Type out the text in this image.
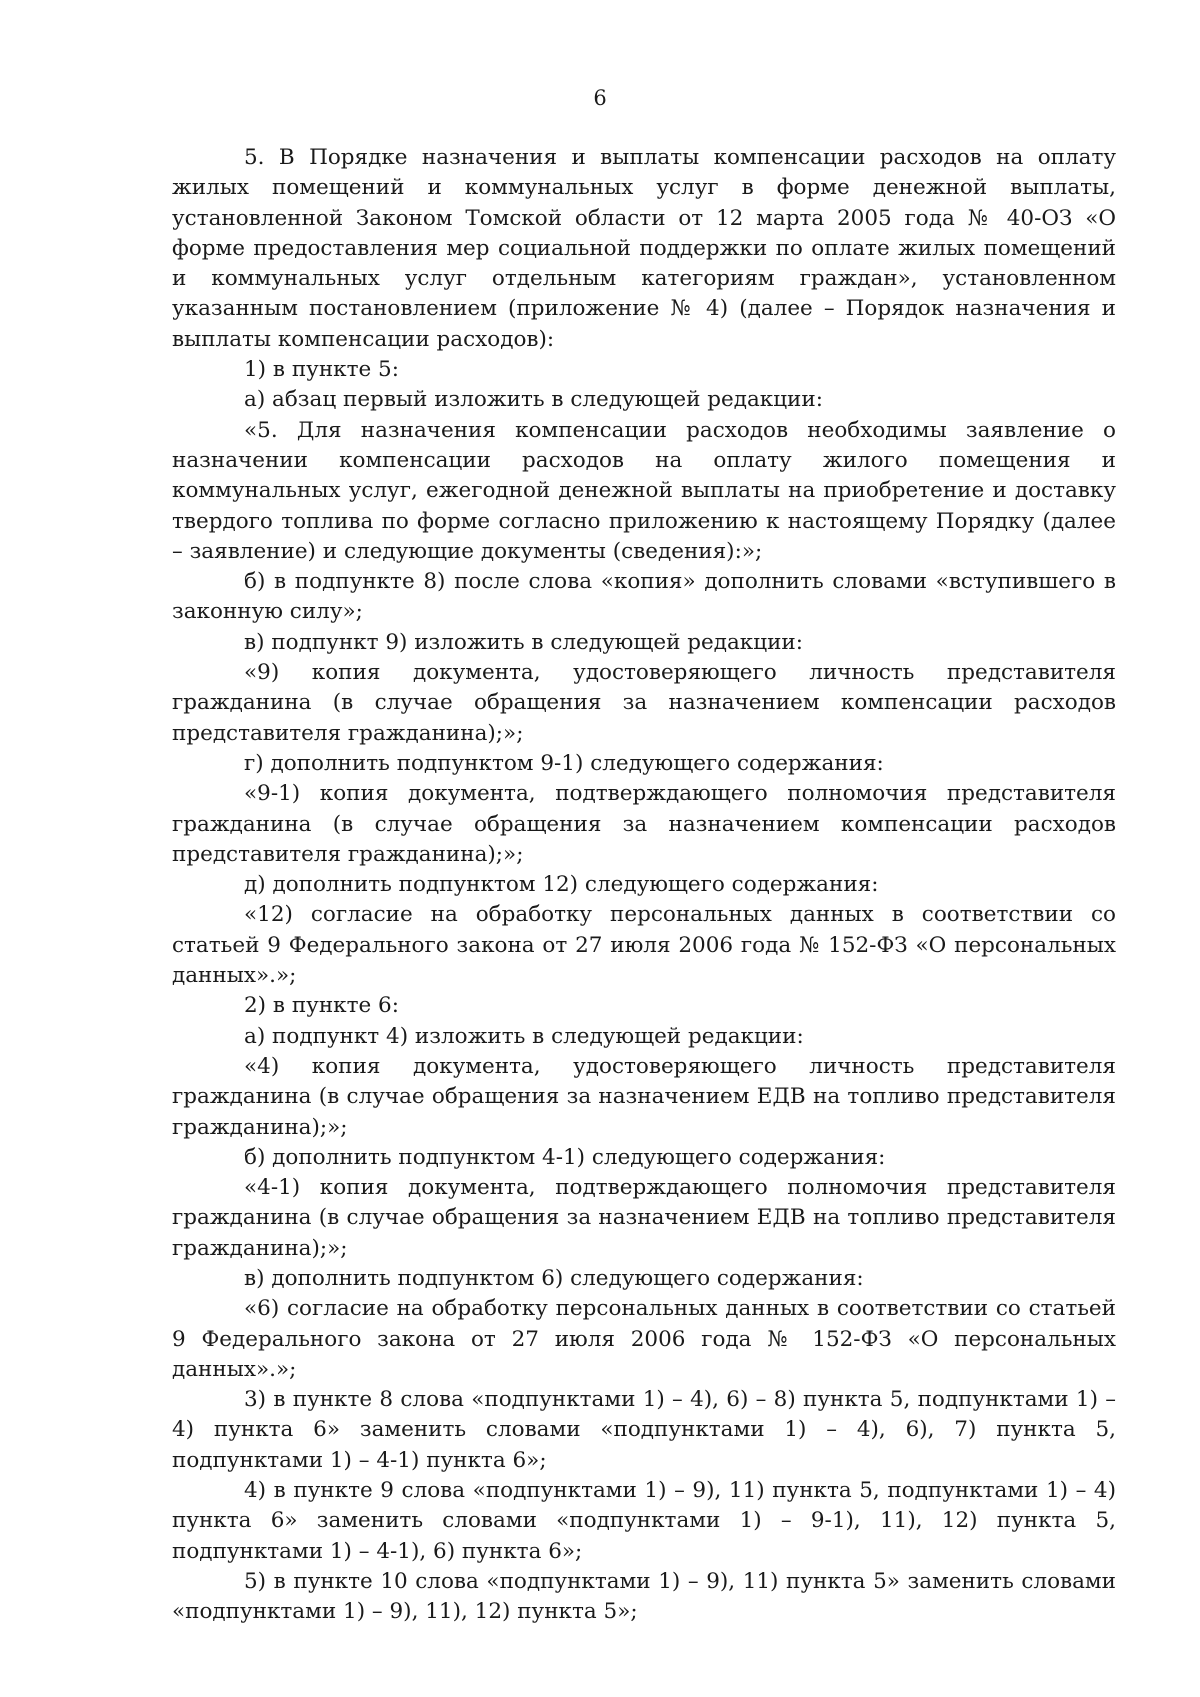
6

5. В Порядке назначения и выплаты компенсации расходов на оплату жилых помещений и коммунальных услуг в форме денежной выплаты, установленной Законом Томской области от 12 марта 2005 года № 40-ОЗ «О форме предоставления мер социальной поддержки по оплате жилых помещений и коммунальных услуг отдельным категориям граждан», установленном указанным постановлением (приложение № 4) (далее – Порядок назначения и выплаты компенсации расходов):

1) в пункте 5:

а) абзац первый изложить в следующей редакции:

«5. Для назначения компенсации расходов необходимы заявление о назначении компенсации расходов на оплату жилого помещения и коммунальных услуг, ежегодной денежной выплаты на приобретение и доставку твердого топлива по форме согласно приложению к настоящему Порядку (далее – заявление) и следующие документы (сведения):»;

б) в подпункте 8) после слова «копия» дополнить словами «вступившего в законную силу»;

в) подпункт 9) изложить в следующей редакции:

«9) копия документа, удостоверяющего личность представителя гражданина (в случае обращения за назначением компенсации расходов представителя гражданина);»;

г) дополнить подпунктом 9-1) следующего содержания:

«9-1) копия документа, подтверждающего полномочия представителя гражданина (в случае обращения за назначением компенсации расходов представителя гражданина);»;

д) дополнить подпунктом 12) следующего содержания:

«12) согласие на обработку персональных данных в соответствии со статьей 9 Федерального закона от 27 июля 2006 года № 152-ФЗ «О персональных данных».»;

2) в пункте 6:

а) подпункт 4) изложить в следующей редакции:

«4) копия документа, удостоверяющего личность представителя гражданина (в случае обращения за назначением ЕДВ на топливо представителя гражданина);»;

б) дополнить подпунктом 4-1) следующего содержания:

«4-1) копия документа, подтверждающего полномочия представителя гражданина (в случае обращения за назначением ЕДВ на топливо представителя гражданина);»;

в) дополнить подпунктом 6) следующего содержания:

«6) согласие на обработку персональных данных в соответствии со статьей 9 Федерального закона от 27 июля 2006 года № 152-ФЗ «О персональных данных».»;

3) в пункте 8 слова «подпунктами 1) – 4), 6) – 8) пункта 5, подпунктами 1) – 4) пункта 6» заменить словами «подпунктами 1) – 4), 6), 7) пункта 5, подпунктами 1) – 4-1) пункта 6»;

4) в пункте 9 слова «подпунктами 1) – 9), 11) пункта 5, подпунктами 1) – 4) пункта 6» заменить словами «подпунктами 1) – 9-1), 11), 12) пункта 5, подпунктами 1) – 4-1), 6) пункта 6»;

5) в пункте 10 слова «подпунктами 1) – 9), 11) пункта 5» заменить словами «подпунктами 1) – 9), 11), 12) пункта 5»;
